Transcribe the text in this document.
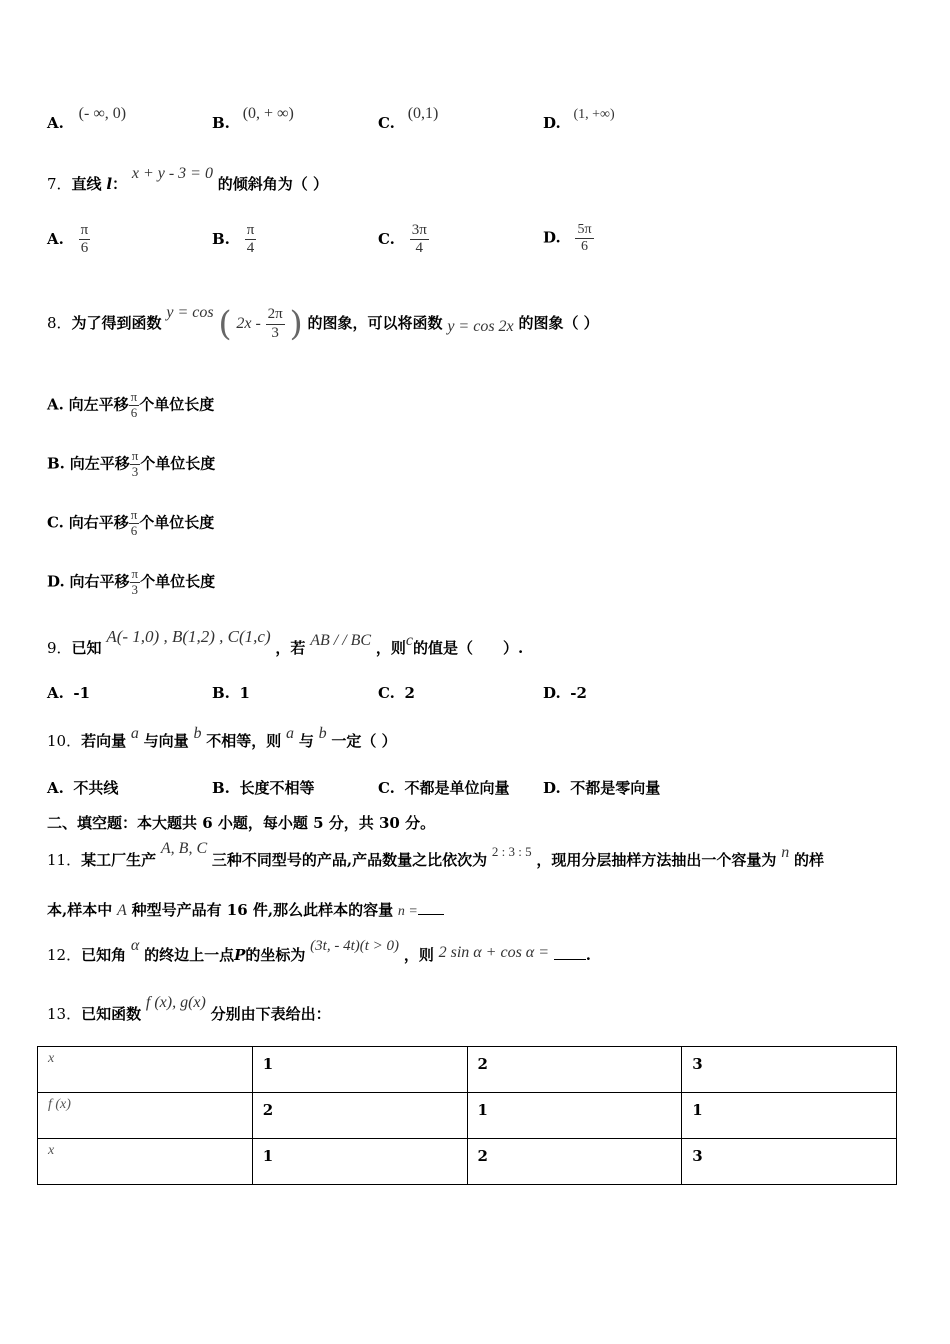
A. (- ∞, 0)
B. (0, + ∞)
C. (0,1)
D. (1, +∞)
7．直线 l： x + y - 3 = 0 的倾斜角为（ ）
A. $\frac{\pi}{6}$	B. $\frac{\pi}{4}$	C. $\frac{3\pi}{4}$	D. $\frac{5\pi}{6}$
8．为了得到函数 y = cos ( $2x - \frac{2\pi}{3}$ ) 的图象，可以将函数 y = cos 2x 的图象（ ）
A. 向左平移 $\frac{\pi}{6}$ 个单位长度
B. 向左平移 $\frac{\pi}{3}$ 个单位长度
C. 向右平移 $\frac{\pi}{6}$ 个单位长度
D. 向右平移 $\frac{\pi}{3}$ 个单位长度
9．已知 A(- 1,0) , B(1,2) , C(1,c) ，若 AB / / BC ，则c的值是（　　）.
A. -1	B. 1	C. 2	D. -2
10．若向量 a 与向量 b 不相等，则 a 与 b 一定（ ）
A. 不共线	B. 长度不相等	C. 不都是单位向量 D. 不都是零向量
二、填空题：本大题共 6 小题，每小题 5 分，共 30 分。
11．某工厂生产 A, B, C 三种不同型号的产品,产品数量之比依次为 2 : 3 : 5 ，现用分层抽样方法抽出一个容量为 n 的样
本,样本中 A 种型号产品有 16 件,那么此样本的容量 n =
12．已知角 α 的终边上一点P的坐标为 (3t, - 4t)(t > 0) ，则 2 sin α + cos α = .
13．已知函数 f (x), g(x) 分别由下表给出：
x	1	2	3
f (x)	2	1	1
x	1	2	3
